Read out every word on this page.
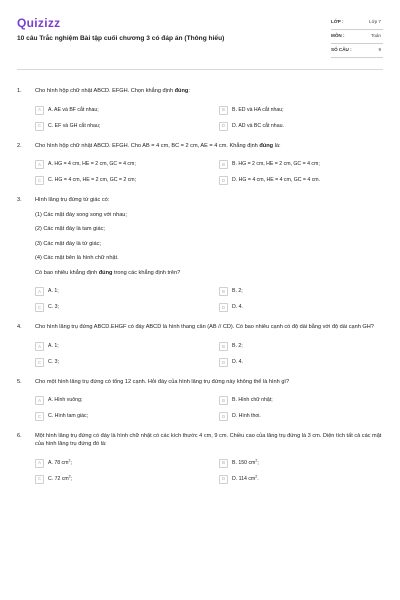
Quizizz
10 câu Trắc nghiệm Bài tập cuối chương 3 có đáp án (Thông hiểu)
LỚP :	Lớp 7
MÔN :	Toán
SỐ CÂU :	9
1.	Cho hình hộp chữ nhật ABCD. EFGH. Chọn khẳng định đúng:
A	A. AE và BF cắt nhau;	B	B. ED và HA cắt nhau;
C	C. EF và GH cắt nhau;	D	D. AD và BC cắt nhau.
2.	Cho hình hộp chữ nhật ABCD. EFGH. Cho AB = 4 cm, BC = 2 cm, AE = 4 cm. Khẳng định đúng là:
A	A. HG = 4 cm, HE = 2 cm, GC = 4 cm;	B	B. HG = 2 cm, HE = 2 cm, GC = 4 cm;
C	C. HG = 4 cm, HE = 2 cm, GC = 2 cm;	D	D. HG = 4 cm, HE = 4 cm, GC = 4 cm.
3.	Hình lăng trụ đứng tứ giác có:
(1) Các mặt đáy song song với nhau;
(2) Các mặt đáy là tam giác;
(3) Các mặt đáy là tứ giác;
(4) Các mặt bên là hình chữ nhật.
Có bao nhiêu khẳng định đúng trong các khẳng định trên?
A	A. 1;	B	B. 2;
C	C. 3;	D	D. 4.
4.	Cho hình lăng trụ đứng ABCD.EHGF có đáy ABCD là hình thang cân (AB // CD). Có bao nhiêu cạnh có độ dài bằng với độ dài cạnh GH?
A	A. 1;	B	B. 2;
C	C. 3;	D	D. 4.
5.	Cho một hình lăng trụ đứng có tổng 12 cạnh. Hỏi đáy của hình lăng trụ đứng này không thể là hình gì?
A	A. Hình vuông;	B	B. Hình chữ nhật;
C	C. Hình tam giác;	D	D. Hình thoi.
6.	Một hình lăng trụ đứng có đáy là hình chữ nhật có các kích thước 4 cm, 9 cm. Chiều cao của lăng trụ đứng là 3 cm. Diện tích tất cả các mặt của hình lăng trụ đứng đó là:
A	A. 78 $cm^2$;	B	B. 150 $cm^2$;
C	C. 72 $cm^2$;	D	D. 114 $cm^2$.
